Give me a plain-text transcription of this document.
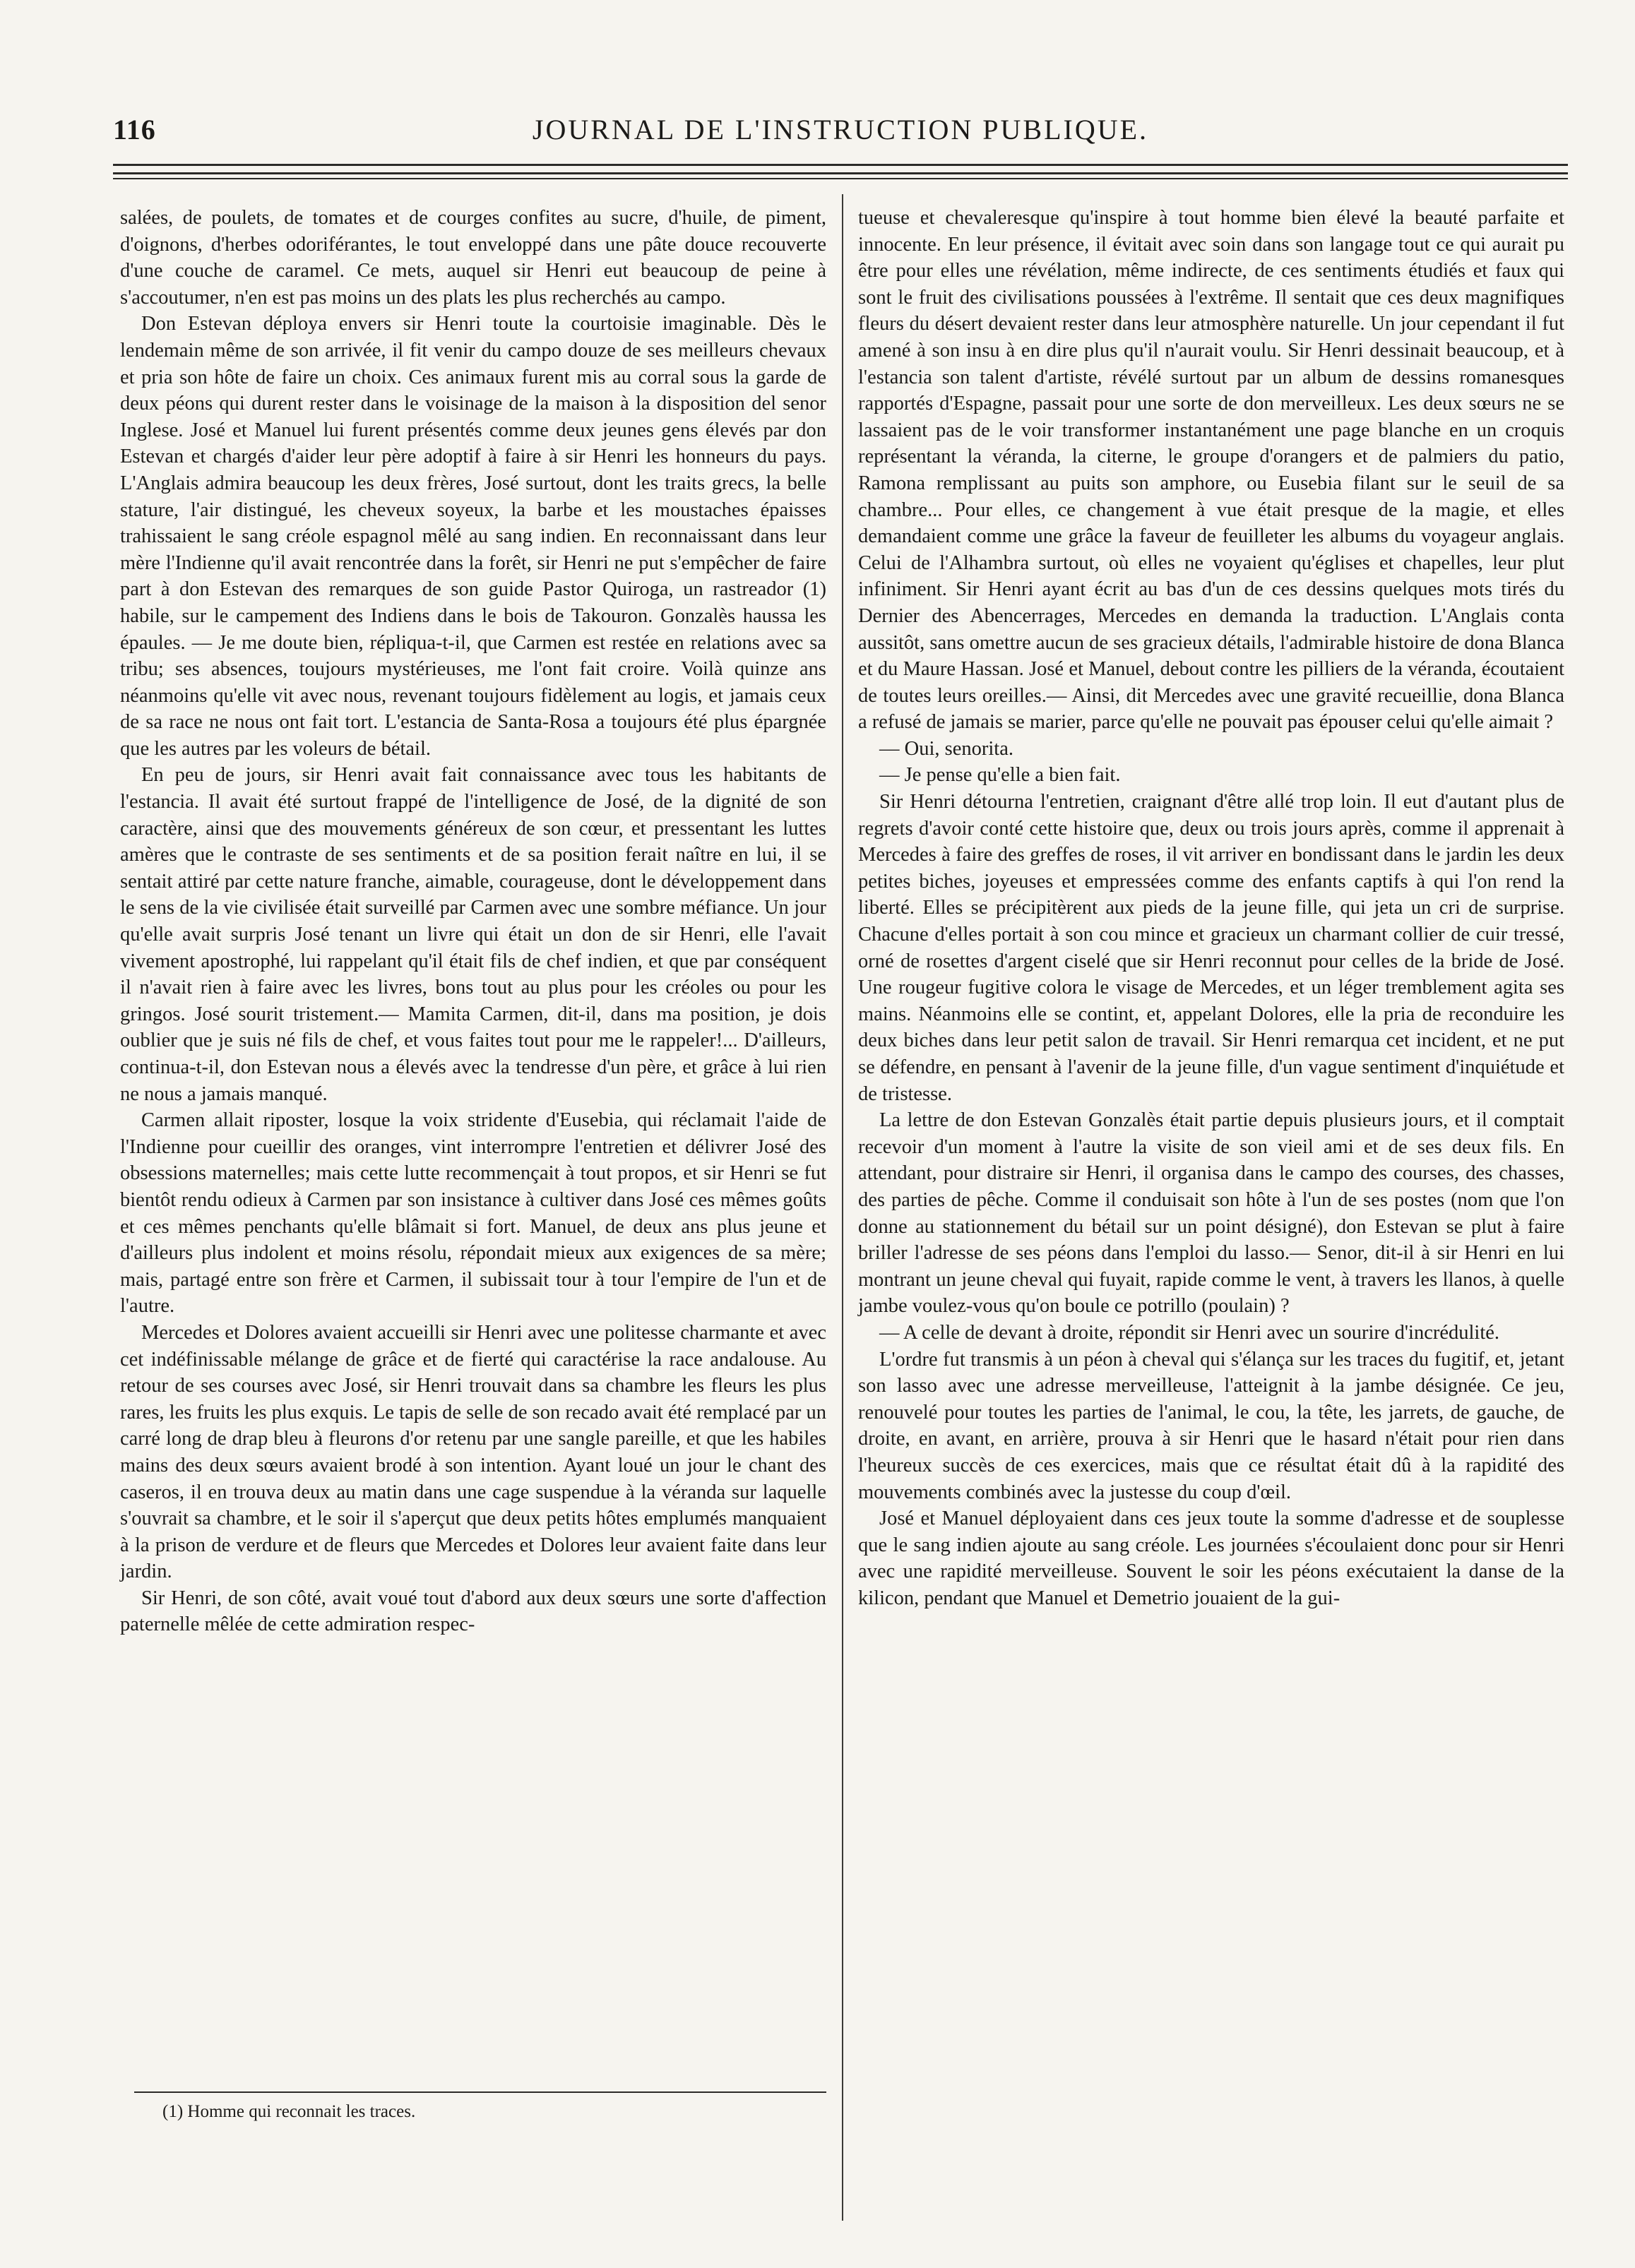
116	JOURNAL DE L'INSTRUCTION PUBLIQUE.

salées, de poulets, de tomates et de courges confites au sucre, d'huile, de piment, d'oignons, d'herbes odoriférantes, le tout enveloppé dans une pâte douce recouverte d'une couche de caramel. Ce mets, auquel sir Henri eut beaucoup de peine à s'accoutumer, n'en est pas moins un des plats les plus recherchés au campo.

Don Estevan déploya envers sir Henri toute la courtoisie imaginable. Dès le lendemain même de son arrivée, il fit venir du campo douze de ses meilleurs chevaux et pria son hôte de faire un choix. Ces animaux furent mis au corral sous la garde de deux péons qui durent rester dans le voisinage de la maison à la disposition del senor Inglese. José et Manuel lui furent présentés comme deux jeunes gens élevés par don Estevan et chargés d'aider leur père adoptif à faire à sir Henri les honneurs du pays. L'Anglais admira beaucoup les deux frères, José surtout, dont les traits grecs, la belle stature, l'air distingué, les cheveux soyeux, la barbe et les moustaches épaisses trahissaient le sang créole espagnol mêlé au sang indien. En reconnaissant dans leur mère l'Indienne qu'il avait rencontrée dans la forêt, sir Henri ne put s'empêcher de faire part à don Estevan des remarques de son guide Pastor Quiroga, un rastreador (1) habile, sur le campement des Indiens dans le bois de Takouron. Gonzalès haussa les épaules. — Je me doute bien, répliqua-t-il, que Carmen est restée en relations avec sa tribu; ses absences, toujours mystérieuses, me l'ont fait croire. Voilà quinze ans néanmoins qu'elle vit avec nous, revenant toujours fidèlement au logis, et jamais ceux de sa race ne nous ont fait tort. L'estancia de Santa-Rosa a toujours été plus épargnée que les autres par les voleurs de bétail.

En peu de jours, sir Henri avait fait connaissance avec tous les habitants de l'estancia. Il avait été surtout frappé de l'intelligence de José, de la dignité de son caractère, ainsi que des mouvements généreux de son cœur, et pressentant les luttes amères que le contraste de ses sentiments et de sa position ferait naître en lui, il se sentait attiré par cette nature franche, aimable, courageuse, dont le développement dans le sens de la vie civilisée était surveillé par Carmen avec une sombre méfiance. Un jour qu'elle avait surpris José tenant un livre qui était un don de sir Henri, elle l'avait vivement apostrophé, lui rappelant qu'il était fils de chef indien, et que par conséquent il n'avait rien à faire avec les livres, bons tout au plus pour les créoles ou pour les gringos. José sourit tristement.— Mamita Carmen, dit-il, dans ma position, je dois oublier que je suis né fils de chef, et vous faites tout pour me le rappeler!... D'ailleurs, continua-t-il, don Estevan nous a élevés avec la tendresse d'un père, et grâce à lui rien ne nous a jamais manqué.

Carmen allait riposter, losque la voix stridente d'Eusebia, qui réclamait l'aide de l'Indienne pour cueillir des oranges, vint interrompre l'entretien et délivrer José des obsessions maternelles; mais cette lutte recommençait à tout propos, et sir Henri se fut bientôt rendu odieux à Carmen par son insistance à cultiver dans José ces mêmes goûts et ces mêmes penchants qu'elle blâmait si fort. Manuel, de deux ans plus jeune et d'ailleurs plus indolent et moins résolu, répondait mieux aux exigences de sa mère; mais, partagé entre son frère et Carmen, il subissait tour à tour l'empire de l'un et de l'autre.

Mercedes et Dolores avaient accueilli sir Henri avec une politesse charmante et avec cet indéfinissable mélange de grâce et de fierté qui caractérise la race andalouse. Au retour de ses courses avec José, sir Henri trouvait dans sa chambre les fleurs les plus rares, les fruits les plus exquis. Le tapis de selle de son recado avait été remplacé par un carré long de drap bleu à fleurons d'or retenu par une sangle pareille, et que les habiles mains des deux sœurs avaient brodé à son intention. Ayant loué un jour le chant des caseros, il en trouva deux au matin dans une cage suspendue à la véranda sur laquelle s'ouvrait sa chambre, et le soir il s'aperçut que deux petits hôtes emplumés manquaient à la prison de verdure et de fleurs que Mercedes et Dolores leur avaient faite dans leur jardin.

Sir Henri, de son côté, avait voué tout d'abord aux deux sœurs une sorte d'affection paternelle mêlée de cette admiration respec-

tueuse et chevaleresque qu'inspire à tout homme bien élevé la beauté parfaite et innocente. En leur présence, il évitait avec soin dans son langage tout ce qui aurait pu être pour elles une révélation, même indirecte, de ces sentiments étudiés et faux qui sont le fruit des civilisations poussées à l'extrême. Il sentait que ces deux magnifiques fleurs du désert devaient rester dans leur atmosphère naturelle. Un jour cependant il fut amené à son insu à en dire plus qu'il n'aurait voulu. Sir Henri dessinait beaucoup, et à l'estancia son talent d'artiste, révélé surtout par un album de dessins romanesques rapportés d'Espagne, passait pour une sorte de don merveilleux. Les deux sœurs ne se lassaient pas de le voir transformer instantanément une page blanche en un croquis représentant la véranda, la citerne, le groupe d'orangers et de palmiers du patio, Ramona remplissant au puits son amphore, ou Eusebia filant sur le seuil de sa chambre... Pour elles, ce changement à vue était presque de la magie, et elles demandaient comme une grâce la faveur de feuilleter les albums du voyageur anglais. Celui de l'Alhambra surtout, où elles ne voyaient qu'églises et chapelles, leur plut infiniment. Sir Henri ayant écrit au bas d'un de ces dessins quelques mots tirés du Dernier des Abencerrages, Mercedes en demanda la traduction. L'Anglais conta aussitôt, sans omettre aucun de ses gracieux détails, l'admirable histoire de dona Blanca et du Maure Hassan. José et Manuel, debout contre les pilliers de la véranda, écoutaient de toutes leurs oreilles.— Ainsi, dit Mercedes avec une gravité recueillie, dona Blanca a refusé de jamais se marier, parce qu'elle ne pouvait pas épouser celui qu'elle aimait ?

— Oui, senorita.

— Je pense qu'elle a bien fait.

Sir Henri détourna l'entretien, craignant d'être allé trop loin. Il eut d'autant plus de regrets d'avoir conté cette histoire que, deux ou trois jours après, comme il apprenait à Mercedes à faire des greffes de roses, il vit arriver en bondissant dans le jardin les deux petites biches, joyeuses et empressées comme des enfants captifs à qui l'on rend la liberté. Elles se précipitèrent aux pieds de la jeune fille, qui jeta un cri de surprise. Chacune d'elles portait à son cou mince et gracieux un charmant collier de cuir tressé, orné de rosettes d'argent ciselé que sir Henri reconnut pour celles de la bride de José. Une rougeur fugitive colora le visage de Mercedes, et un léger tremblement agita ses mains. Néanmoins elle se contint, et, appelant Dolores, elle la pria de reconduire les deux biches dans leur petit salon de travail. Sir Henri remarqua cet incident, et ne put se défendre, en pensant à l'avenir de la jeune fille, d'un vague sentiment d'inquiétude et de tristesse.

La lettre de don Estevan Gonzalès était partie depuis plusieurs jours, et il comptait recevoir d'un moment à l'autre la visite de son vieil ami et de ses deux fils. En attendant, pour distraire sir Henri, il organisa dans le campo des courses, des chasses, des parties de pêche. Comme il conduisait son hôte à l'un de ses postes (nom que l'on donne au stationnement du bétail sur un point désigné), don Estevan se plut à faire briller l'adresse de ses péons dans l'emploi du lasso.— Senor, dit-il à sir Henri en lui montrant un jeune cheval qui fuyait, rapide comme le vent, à travers les llanos, à quelle jambe voulez-vous qu'on boule ce potrillo (poulain) ?

— A celle de devant à droite, répondit sir Henri avec un sourire d'incrédulité.

L'ordre fut transmis à un péon à cheval qui s'élança sur les traces du fugitif, et, jetant son lasso avec une adresse merveilleuse, l'atteignit à la jambe désignée. Ce jeu, renouvelé pour toutes les parties de l'animal, le cou, la tête, les jarrets, de gauche, de droite, en avant, en arrière, prouva à sir Henri que le hasard n'était pour rien dans l'heureux succès de ces exercices, mais que ce résultat était dû à la rapidité des mouvements combinés avec la justesse du coup d'œil.

José et Manuel déployaient dans ces jeux toute la somme d'adresse et de souplesse que le sang indien ajoute au sang créole. Les journées s'écoulaient donc pour sir Henri avec une rapidité merveilleuse. Souvent le soir les péons exécutaient la danse de la kilicon, pendant que Manuel et Demetrio jouaient de la gui-

(1) Homme qui reconnait les traces.
